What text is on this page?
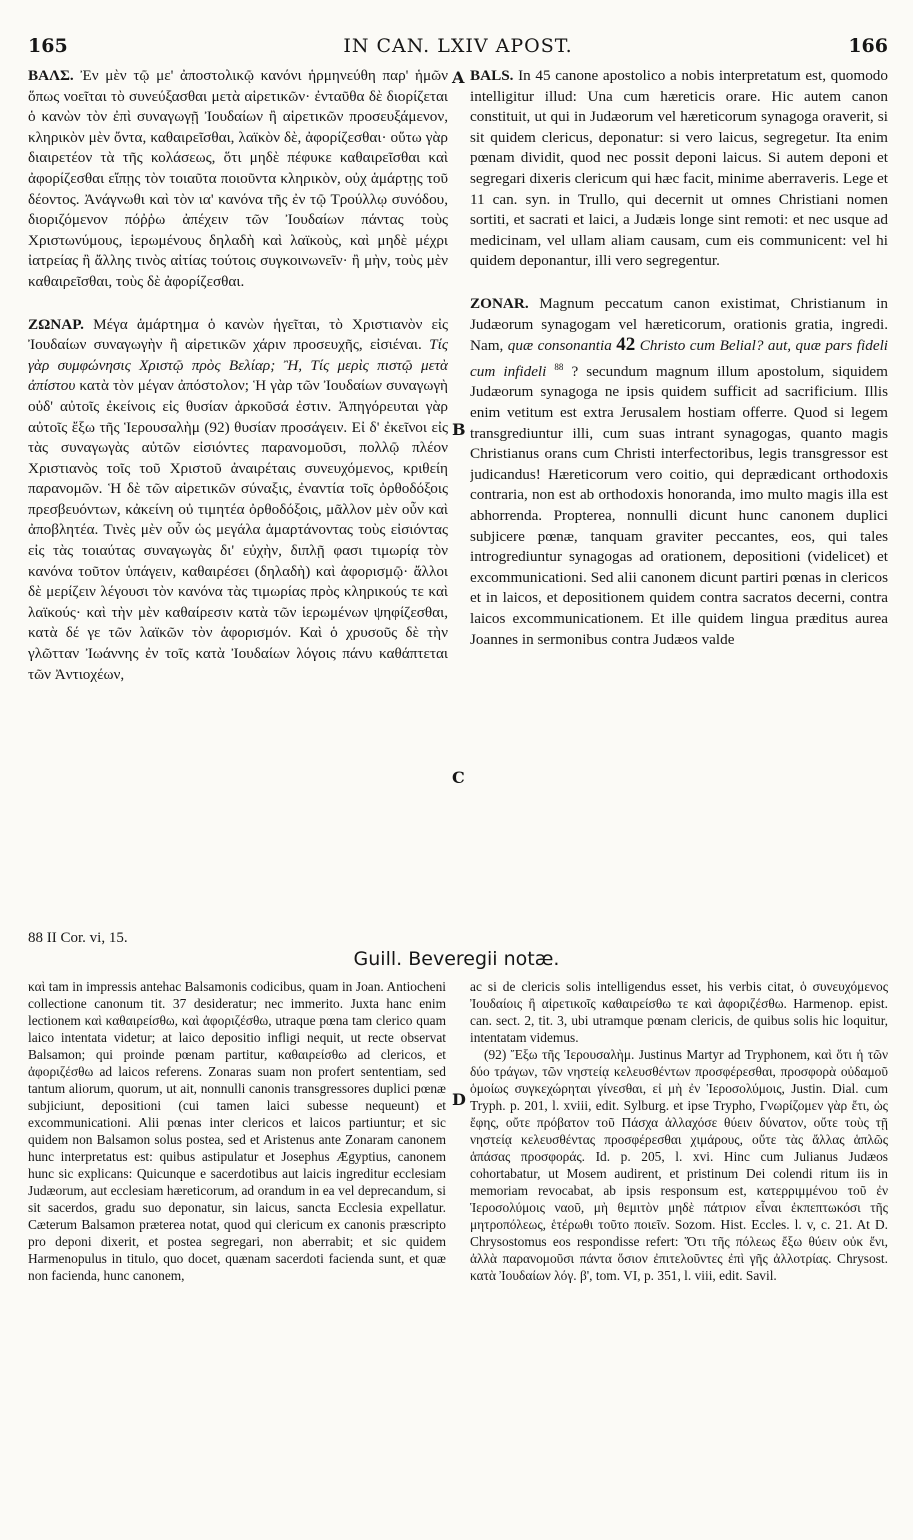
165	IN CAN. LXIV APOST.	166

ΒΑΛΣ. Ἐν μὲν τῷ με' ἀποστολικῷ κανόνι ἡρμηνεύθη παρ' ἡμῶν ὅπως νοεῖται τὸ συνεύξασθαι μετὰ αἱρετικῶν· ἐνταῦθα δὲ διορίζεται ὁ κανὼν τὸν ἐπὶ συναγωγῇ Ἰουδαίων ἢ αἱρετικῶν προσευξάμενον, κληρικὸν μὲν ὄντα, καθαιρεῖσθαι, λαϊκὸν δὲ, ἀφορίζεσθαι· οὕτω γὰρ διαιρετέον τὰ τῆς κολάσεως, ὅτι μηδὲ πέφυκε καθαιρεῖσθαι καὶ ἀφορίζεσθαι εἴπῃς τὸν τοιαῦτα ποιοῦντα κληρικὸν, οὐχ ἁμάρτῃς τοῦ δέοντος. Ἀνάγνωθι καὶ τὸν ια' κανόνα τῆς ἐν τῷ Τρούλλῳ συνόδου, διοριζόμενον πόῤῥω ἀπέχειν τῶν Ἰουδαίων πάντας τοὺς Χριστωνύμους, ἱερωμένους δηλαδὴ καὶ λαϊκοὺς, καὶ μηδὲ μέχρι ἰατρείας ἢ ἄλλης τινὸς αἰτίας τούτοις συγκοινωνεῖν· ἢ μὴν, τοὺς μὲν καθαιρεῖσθαι, τοὺς δὲ ἀφορίζεσθαι.

ΖΩΝΑΡ. Μέγα ἁμάρτημα ὁ κανὼν ἡγεῖται, τὸ Χριστιανὸν εἰς Ἰουδαίων συναγωγὴν ἢ αἱρετικῶν χάριν προσευχῆς, εἰσιέναι. Τίς γὰρ συμφώνησις Χριστῷ πρὸς Βελίαρ; Ἢ, Τίς μερὶς πιστῷ μετὰ ἀπίστου κατὰ τὸν μέγαν ἀπόστολον; Ἡ γὰρ τῶν Ἰουδαίων συναγωγὴ οὐδ' αὐτοῖς ἐκείνοις εἰς θυσίαν ἀρκοῦσά ἐστιν. Ἀπηγόρευται γὰρ αὐτοῖς ἔξω τῆς Ἱερουσαλὴμ (92) θυσίαν προσάγειν. Εἰ δ' ἐκεῖνοι εἰς τὰς συναγωγὰς αὐτῶν εἰσιόντες παρανομοῦσι, πολλῷ πλέον Χριστιανὸς τοῖς τοῦ Χριστοῦ ἀναιρέταις συνευχόμενος, κριθείη παρανομῶν. Ἡ δὲ τῶν αἱρετικῶν σύναξις, ἐναντία τοῖς ὀρθοδόξοις πρεσβευόντων, κἀκείνη οὐ τιμητέα ὀρθοδόξοις, μᾶλλον μὲν οὖν καὶ ἀποβλητέα. Τινὲς μὲν οὖν ὡς μεγάλα ἁμαρτάνοντας τοὺς εἰσιόντας εἰς τὰς τοιαύτας συναγωγὰς δι' εὐχὴν, διπλῇ φασι τιμωρίᾳ τὸν κανόνα τοῦτον ὑπάγειν, καθαιρέσει (δηλαδὴ) καὶ ἀφορισμῷ· ἄλλοι δὲ μερίζειν λέγουσι τὸν κανόνα τὰς τιμωρίας πρὸς κληρικούς τε καὶ λαϊκούς· καὶ τὴν μὲν καθαίρεσιν κατὰ τῶν ἱερωμένων ψηφίζεσθαι, κατὰ δέ γε τῶν λαϊκῶν τὸν ἀφορισμόν. Καὶ ὁ χρυσοῦς δὲ τὴν γλῶτταν Ἰωάννης ἐν τοῖς κατὰ Ἰουδαίων λόγοις πάνυ καθάπτεται τῶν Ἀντιοχέων,

A
B
C

BALS. In 45 canone apostolico a nobis interpretatum est, quomodo intelligitur illud: Una cum hæreticis orare. Hic autem canon constituit, ut qui in Judæorum vel hæreticorum synagoga oraverit, si sit quidem clericus, deponatur: si vero laicus, segregetur. Ita enim pœnam dividit, quod nec possit deponi laicus. Si autem deponi et segregari dixeris clericum qui hæc facit, minime aberraveris. Lege et 11 can. syn. in Trullo, qui decernit ut omnes Christiani nomen sortiti, et sacrati et laici, a Judæis longe sint remoti: et nec usque ad medicinam, vel ullam aliam causam, cum eis communicent: vel hi quidem deponantur, illi vero segregentur.

ZONAR. Magnum peccatum canon existimat, Christianum in Judæorum synagogam vel hæreticorum, orationis gratia, ingredi. Nam, quæ consonantia 42 Christo cum Belial? aut, quæ pars fideli cum infideli $^{88}$ ? secundum magnum illum apostolum, siquidem Judæorum synagoga ne ipsis quidem sufficit ad sacrificium. Illis enim vetitum est extra Jerusalem hostiam offerre. Quod si legem transgrediuntur illi, cum suas intrant synagogas, quanto magis Christianus orans cum Christi interfectoribus, legis transgressor est judicandus! Hæreticorum vero coitio, qui deprædicant orthodoxis contraria, non est ab orthodoxis honoranda, imo multo magis illa est abhorrenda. Propterea, nonnulli dicunt hunc canonem duplici subjicere pœnæ, tanquam graviter peccantes, eos, qui tales introgrediuntur synagogas ad orationem, depositioni (videlicet) et excommunicationi. Sed alii canonem dicunt partiri pœnas in clericos et in laicos, et depositionem quidem contra sacratos decerni, contra laicos excommunicationem. Et ille quidem lingua præditus aurea Joannes in sermonibus contra Judæos valde

88 II Cor. vi, 15.
Guill. Beveregii notæ.

καὶ tam in impressis antehac Balsamonis codicibus, quam in Joan. Antiocheni collectione canonum tit. 37 desideratur; nec immerito. Juxta hanc enim lectionem καὶ καθαιρείσθω, καὶ ἀφοριζέσθω, utraque pœna tam clerico quam laico intentata videtur; at laico depositio infligi nequit, ut recte observat Balsamon; qui proinde pœnam partitur, καθαιρείσθω ad clericos, et ἀφοριζέσθω ad laicos referens. Zonaras suam non profert sententiam, sed tantum aliorum, quorum, ut ait, nonnulli canonis transgressores duplici pœnæ subjiciunt, depositioni (cui tamen laici subesse nequeunt) et excommunicationi. Alii pœnas inter clericos et laicos partiuntur; et sic quidem non Balsamon solus postea, sed et Aristenus ante Zonaram canonem hunc interpretatus est: quibus astipulatur et Josephus Ægyptius, canonem hunc sic explicans: Quicunque e sacerdotibus aut laicis ingreditur ecclesiam Judæorum, aut ecclesiam hæreticorum, ad orandum in ea vel deprecandum, si sit sacerdos, gradu suo deponatur, sin laicus, sancta Ecclesia expellatur. Cæterum Balsamon præterea notat, quod qui clericum ex canonis præscripto pro deponi dixerit, et postea segregari, non aberrabit; et sic quidem Harmenopulus in titulo, quo docet, quænam sacerdoti facienda sunt, et quæ non facienda, hunc canonem,

D

ac si de clericis solis intelligendus esset, his verbis citat, ὁ συνευχόμενος Ἰουδαίοις ἢ αἱρετικοῖς καθαιρείσθω τε καὶ ἀφοριζέσθω. Harmenop. epist. can. sect. 2, tit. 3, ubi utramque pœnam clericis, de quibus solis hic loquitur, intentatam videmus.

(92) Ἔξω τῆς Ἱερουσαλὴμ. Justinus Martyr ad Tryphonem, καὶ ὅτι ἡ τῶν δύο τράγων, τῶν νηστείᾳ κελευσθέντων προσφέρεσθαι, προσφορὰ οὐδαμοῦ ὁμοίως συγκεχώρηται γίνεσθαι, εἰ μὴ ἐν Ἱεροσολύμοις, Justin. Dial. cum Tryph. p. 201, l. xviii, edit. Sylburg. et ipse Trypho, Γνωρίζομεν γὰρ ἔτι, ὡς ἔφης, οὔτε πρόβατον τοῦ Πάσχα ἀλλαχόσε θύειν δύνατον, οὔτε τοὺς τῇ νηστείᾳ κελευσθέντας προσφέρεσθαι χιμάρους, οὔτε τὰς ἄλλας ἁπλῶς ἁπάσας προσφοράς. Id. p. 205, l. xvi. Hinc cum Julianus Judæos cohortabatur, ut Mosem audirent, et pristinum Dei colendi ritum iis in memoriam revocabat, ab ipsis responsum est, κατερριμμένου τοῦ ἐν Ἱεροσολύμοις ναοῦ, μὴ θεμιτὸν μηδὲ πάτριον εἶναι ἐκπεπτωκόσι τῆς μητροπόλεως, ἑτέρωθι τοῦτο ποιεῖν. Sozom. Hist. Eccles. l. v, c. 21. At D. Chrysostomus eos respondisse refert: Ὅτι τῆς πόλεως ἔξω θύειν οὐκ ἔνι, ἀλλὰ παρανομοῦσι πάντα ὅσιον ἐπιτελοῦντες ἐπὶ γῆς ἀλλοτρίας. Chrysost. κατὰ Ἰουδαίων λόγ. β', tom. VI, p. 351, l. viii, edit. Savil.
